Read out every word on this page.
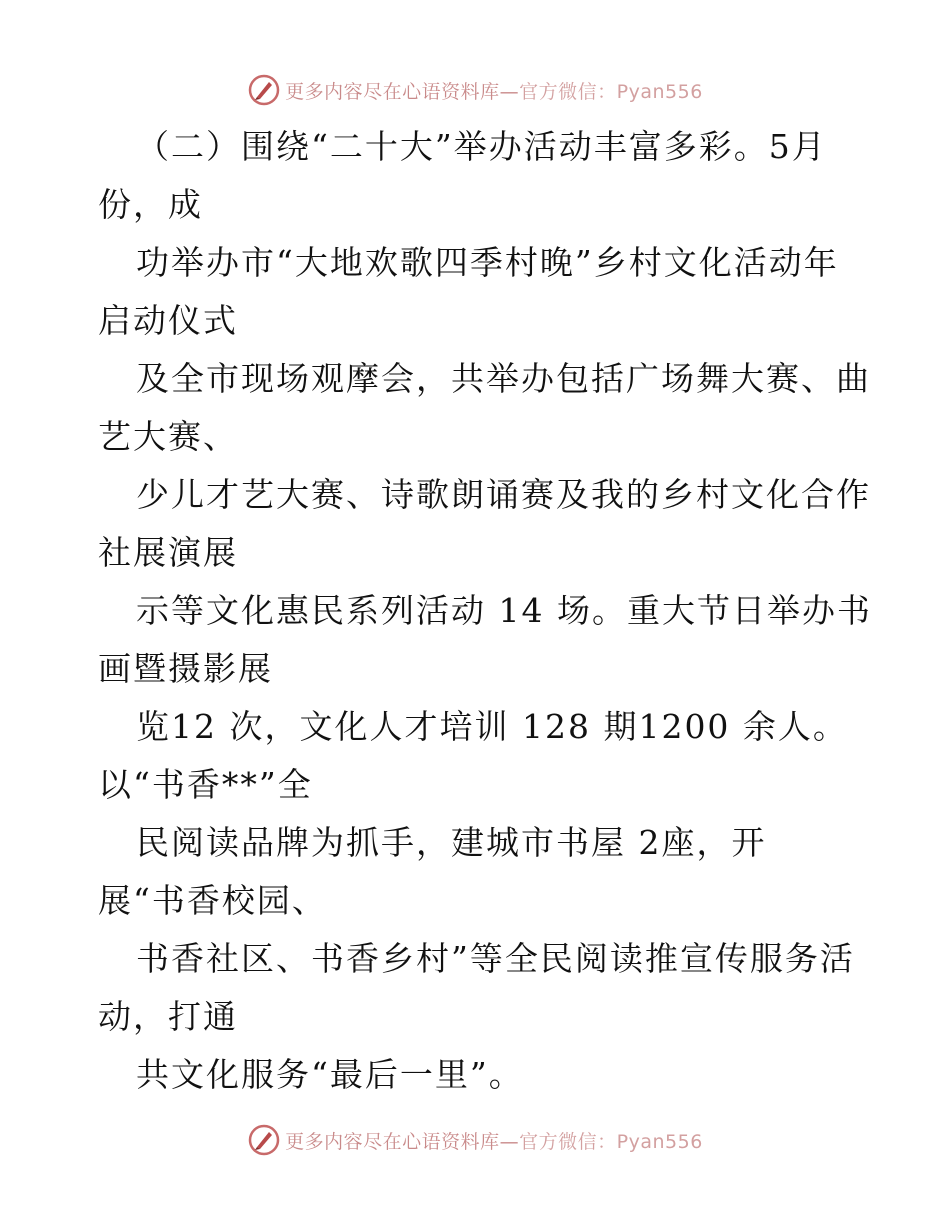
更多内容尽在心语资料库—官方微信：Pyan556
（二）围绕“二十大”举办活动丰富多彩。5月
份，成
功举办市“大地欢歌四季村晚”乡村文化活动年
启动仪式
及全市现场观摩会，共举办包括广场舞大赛、曲
艺大赛、
少儿才艺大赛、诗歌朗诵赛及我的乡村文化合作
社展演展
示等文化惠民系列活动 14 场。重大节日举办书
画暨摄影展
览12 次，文化人才培训 128 期1200 余人。
以“书香**”全
民阅读品牌为抓手，建城市书屋 2座，开
展“书香校园、
书香社区、书香乡村”等全民阅读推宣传服务活
动，打通
共文化服务“最后一里”。
更多内容尽在心语资料库—官方微信：Pyan556
